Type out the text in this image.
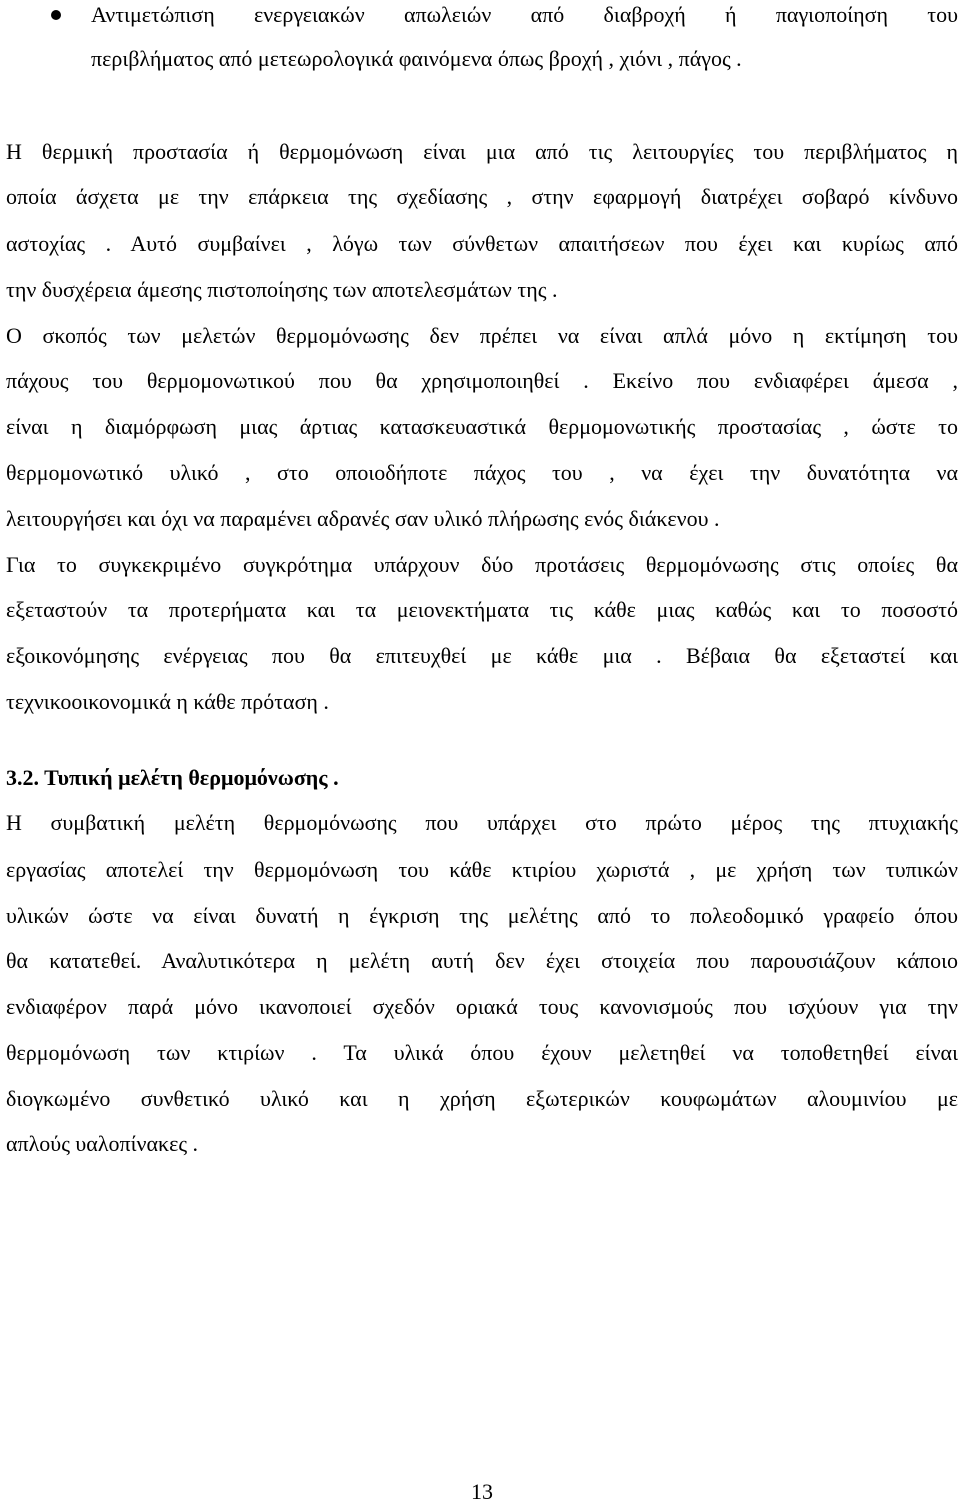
Αντιμετώπιση ενεργειακών απωλειών από διαβροχή ή παγιοποίηση του
περιβλήματος από μετεωρολογικά φαινόμενα όπως βροχή , χιόνι , πάγος .
Η θερμική προστασία ή θερμομόνωση είναι μια από τις λειτουργίες του περιβλήματος η
οποία άσχετα με την επάρκεια της σχεδίασης , στην εφαρμογή διατρέχει σοβαρό κίνδυνο
αστοχίας . Αυτό συμβαίνει , λόγω των σύνθετων απαιτήσεων που έχει και κυρίως από
την δυσχέρεια άμεσης πιστοποίησης των αποτελεσμάτων της .
Ο σκοπός των μελετών θερμομόνωσης δεν πρέπει να είναι απλά μόνο η εκτίμηση του
πάχους του θερμομονωτικού που θα χρησιμοποιηθεί . Εκείνο που ενδιαφέρει άμεσα ,
είναι η διαμόρφωση μιας άρτιας κατασκευαστικά θερμομονωτικής προστασίας , ώστε το
θερμομονωτικό υλικό , στο οποιοδήποτε πάχος του , να έχει την δυνατότητα να
λειτουργήσει και όχι να παραμένει αδρανές σαν υλικό πλήρωσης ενός διάκενου .
Για το συγκεκριμένο συγκρότημα υπάρχουν δύο προτάσεις θερμομόνωσης στις οποίες θα
εξεταστούν τα προτερήματα και τα μειονεκτήματα τις κάθε μιας καθώς και το ποσοστό
εξοικονόμησης ενέργειας που θα επιτευχθεί με κάθε μια . Βέβαια θα εξεταστεί και
τεχνικοοικονομικά η κάθε πρόταση .
3.2. Τυπική μελέτη θερμομόνωσης .
Η συμβατική μελέτη θερμομόνωσης που υπάρχει στο πρώτο μέρος της πτυχιακής
εργασίας αποτελεί την θερμομόνωση του κάθε κτιρίου χωριστά , με χρήση των τυπικών
υλικών ώστε να είναι δυνατή η έγκριση της μελέτης από το πολεοδομικό γραφείο όπου
θα κατατεθεί. Αναλυτικότερα η μελέτη αυτή δεν έχει στοιχεία που παρουσιάζουν κάποιο
ενδιαφέρον παρά μόνο ικανοποιεί σχεδόν οριακά τους κανονισμούς που ισχύουν για την
θερμομόνωση των κτιρίων . Τα υλικά όπου έχουν μελετηθεί να τοποθετηθεί είναι
διογκωμένο συνθετικό υλικό και η χρήση εξωτερικών κουφωμάτων αλουμινίου με
απλούς υαλοπίνακες .
13
